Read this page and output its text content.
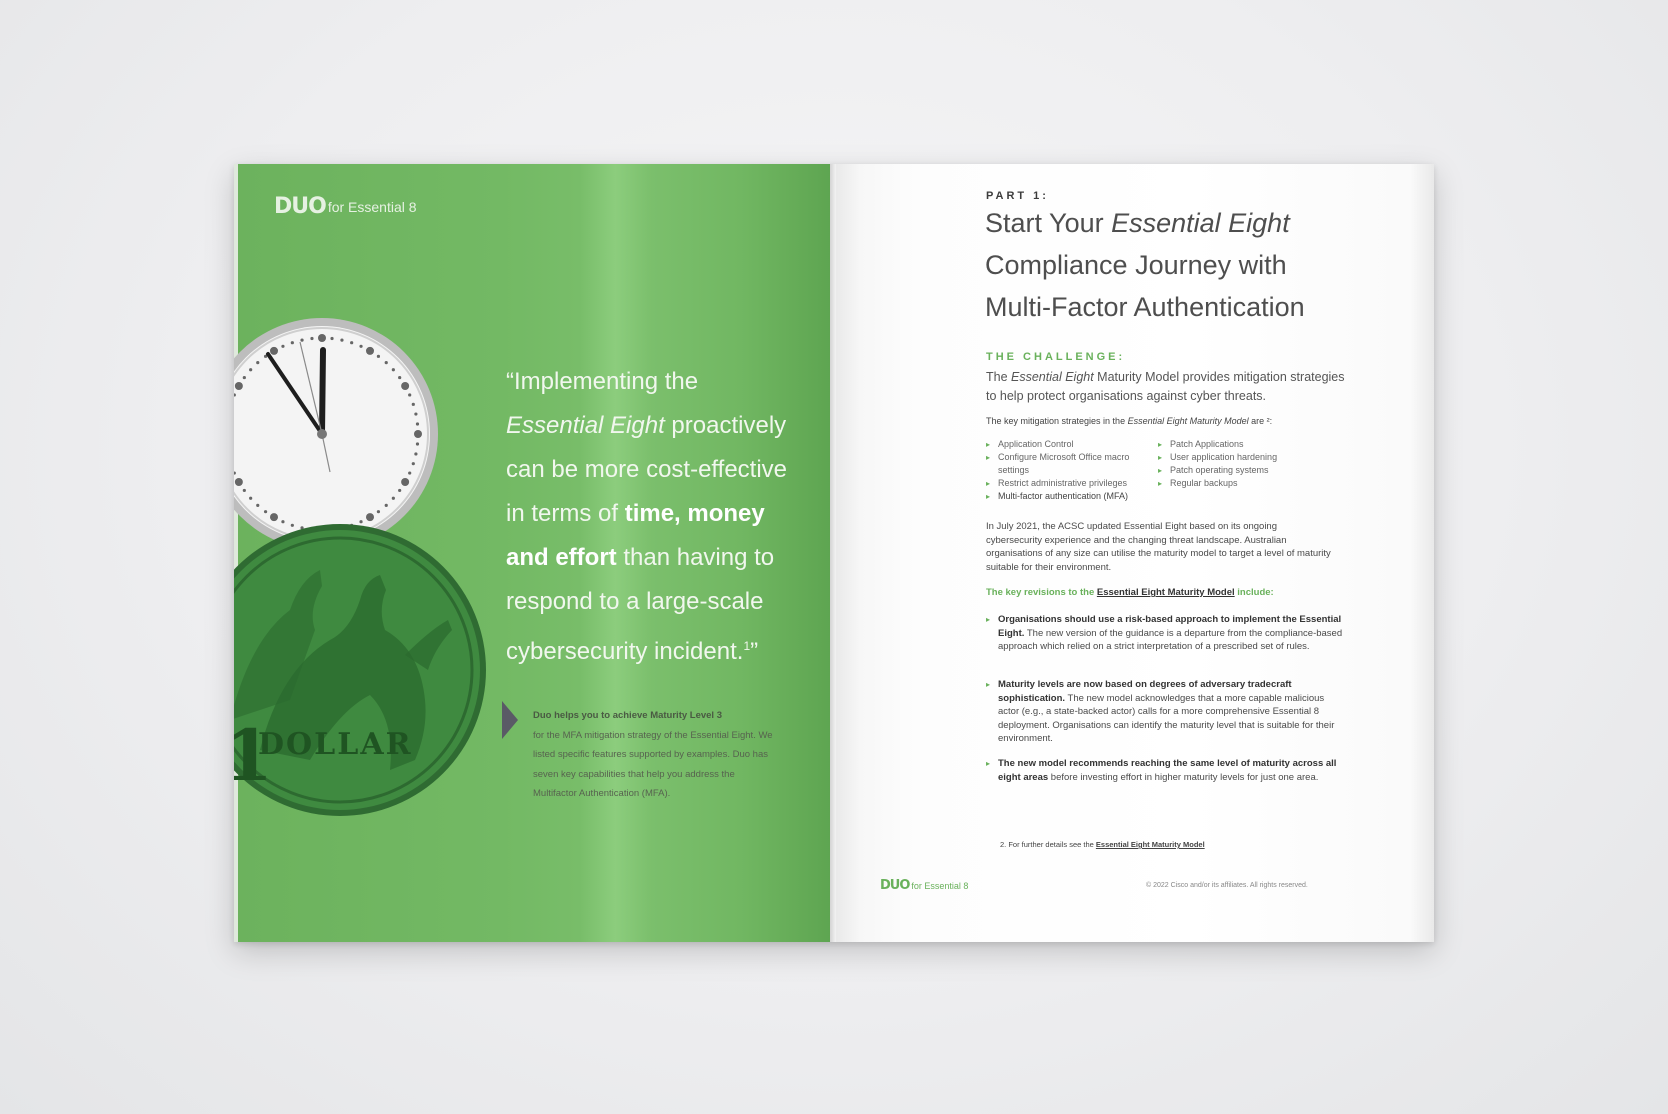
DUO for Essential 8
1
DOLLAR
“Implementing the
Essential Eight proactively
can be more cost-effective
in terms of time, money
and effort than having to
respond to a large-scale
cybersecurity incident.$^1$”
Duo helps you to achieve Maturity Level 3
for the MFA mitigation strategy of the Essential Eight. We listed specific features supported by examples. Duo has seven key capabilities that help you address the Multifactor Authentication (MFA).
PART 1:
Start Your Essential Eight
Compliance Journey with
Multi-Factor Authentication
THE CHALLENGE:
The Essential Eight Maturity Model provides mitigation strategies to help protect organisations against cyber threats.
The key mitigation strategies in the Essential Eight Maturity Model are ²:
▸ Application Control
▸ Configure Microsoft Office macro settings
▸ Restrict administrative privileges
▸ Multi-factor authentication (MFA)
▸ Patch Applications
▸ User application hardening
▸ Patch operating systems
▸ Regular backups
In July 2021, the ACSC updated Essential Eight based on its ongoing cybersecurity experience and the changing threat landscape. Australian organisations of any size can utilise the maturity model to target a level of maturity suitable for their environment.
The key revisions to the Essential Eight Maturity Model include:
▸ Organisations should use a risk-based approach to implement the Essential Eight. The new version of the guidance is a departure from the compliance-based approach which relied on a strict interpretation of a prescribed set of rules.
▸ Maturity levels are now based on degrees of adversary tradecraft sophistication. The new model acknowledges that a more capable malicious actor (e.g., a state-backed actor) calls for a more comprehensive Essential 8 deployment. Organisations can identify the maturity level that is suitable for their environment.
▸ The new model recommends reaching the same level of maturity across all eight areas before investing effort in higher maturity levels for just one area.
2. For further details see the Essential Eight Maturity Model
DUO for Essential 8	© 2022 Cisco and/or its affiliates. All rights reserved.
